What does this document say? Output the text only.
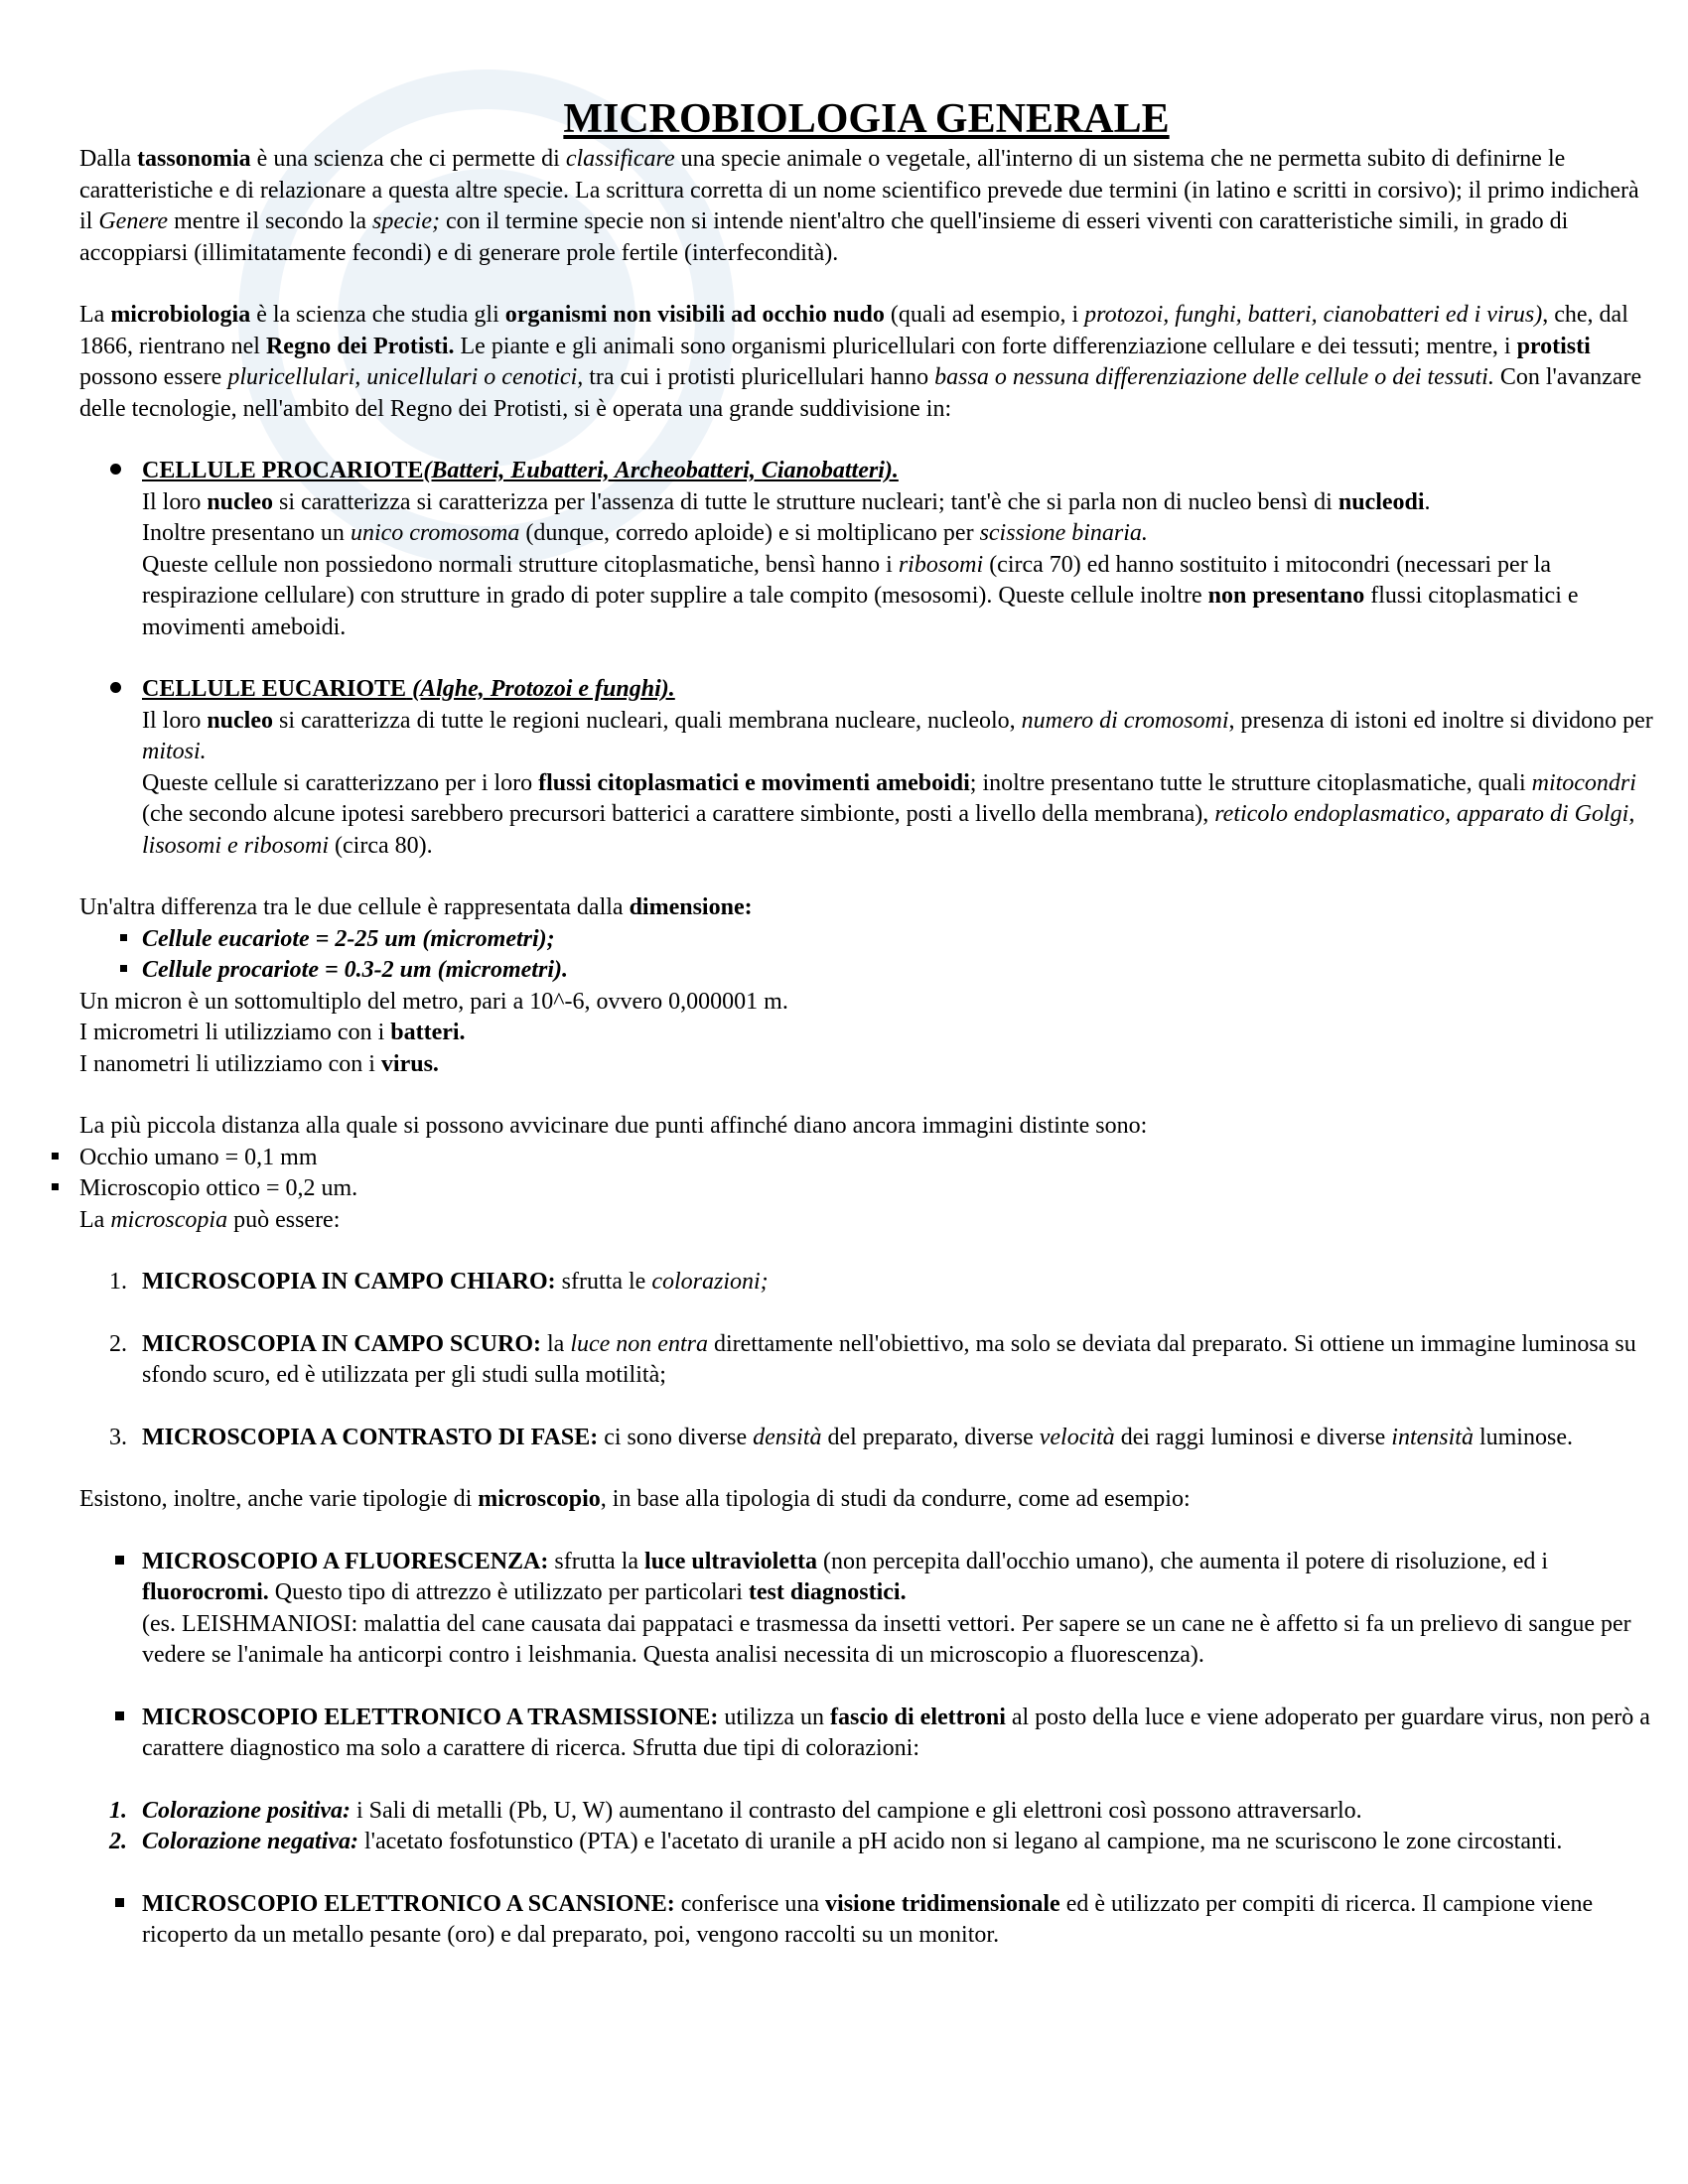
MICROBIOLOGIA GENERALE

Dalla tassonomia è una scienza che ci permette di classificare una specie animale o vegetale, all'interno di un sistema che ne permetta subito di definirne le caratteristiche e di relazionare a questa altre specie. La scrittura corretta di un nome scientifico prevede due termini (in latino e scritti in corsivo); il primo indicherà il Genere mentre il secondo la specie; con il termine specie non si intende nient'altro che quell'insieme di esseri viventi con caratteristiche simili, in grado di accoppiarsi (illimitatamente fecondi) e di generare prole fertile (interfecondità).

La microbiologia è la scienza che studia gli organismi non visibili ad occhio nudo (quali ad esempio, i protozoi, funghi, batteri, cianobatteri ed i virus), che, dal 1866, rientrano nel Regno dei Protisti. Le piante e gli animali sono organismi pluricellulari con forte differenziazione cellulare e dei tessuti; mentre, i protisti possono essere pluricellulari, unicellulari o cenotici, tra cui i protisti pluricellulari hanno bassa o nessuna differenziazione delle cellule o dei tessuti. Con l'avanzare delle tecnologie, nell'ambito del Regno dei Protisti, si è operata una grande suddivisione in:

CELLULE PROCARIOTE(Batteri, Eubatteri, Archeobatteri, Cianobatteri).

Il loro nucleo si caratterizza si caratterizza per l'assenza di tutte le strutture nucleari; tant'è che si parla non di nucleo bensì di nucleodi.

Inoltre presentano un unico cromosoma (dunque, corredo aploide) e si moltiplicano per scissione binaria.

Queste cellule non possiedono normali strutture citoplasmatiche, bensì hanno i ribosomi (circa 70) ed hanno sostituito i mitocondri (necessari per la respirazione cellulare) con strutture in grado di poter supplire a tale compito (mesosomi). Queste cellule inoltre non presentano flussi citoplasmatici e movimenti ameboidi.

CELLULE EUCARIOTE (Alghe, Protozoi e funghi).

Il loro nucleo si caratterizza di tutte le regioni nucleari, quali membrana nucleare, nucleolo, numero di cromosomi, presenza di istoni ed inoltre si dividono per mitosi.

Queste cellule si caratterizzano per i loro flussi citoplasmatici e movimenti ameboidi; inoltre presentano tutte le strutture citoplasmatiche, quali mitocondri (che secondo alcune ipotesi sarebbero precursori batterici a carattere simbionte, posti a livello della membrana), reticolo endoplasmatico, apparato di Golgi, lisosomi e ribosomi (circa 80).

Un'altra differenza tra le due cellule è rappresentata dalla dimensione:

Cellule eucariote = 2-25 um (micrometri);

Cellule procariote = 0.3-2 um (micrometri).

Un micron è un sottomultiplo del metro, pari a 10^-6, ovvero 0,000001 m.

I micrometri li utilizziamo con i batteri.

I nanometri li utilizziamo con i virus.

La più piccola distanza alla quale si possono avvicinare due punti affinché diano ancora immagini distinte sono:

Occhio umano = 0,1 mm

Microscopio ottico = 0,2 um.

La microscopia può essere:

1. MICROSCOPIA IN CAMPO CHIARO: sfrutta le colorazioni;

2. MICROSCOPIA IN CAMPO SCURO: la luce non entra direttamente nell'obiettivo, ma solo se deviata dal preparato. Si ottiene un immagine luminosa su sfondo scuro, ed è utilizzata per gli studi sulla motilità;

3. MICROSCOPIA A CONTRASTO DI FASE: ci sono diverse densità del preparato, diverse velocità dei raggi luminosi e diverse intensità luminose.

Esistono, inoltre, anche varie tipologie di microscopio, in base alla tipologia di studi da condurre, come ad esempio:

MICROSCOPIO A FLUORESCENZA: sfrutta la luce ultravioletta (non percepita dall'occhio umano), che aumenta il potere di risoluzione, ed i fluorocromi. Questo tipo di attrezzo è utilizzato per particolari test diagnostici.

(es. LEISHMANIOSI: malattia del cane causata dai pappataci e trasmessa da insetti vettori. Per sapere se un cane ne è affetto si fa un prelievo di sangue per vedere se l'animale ha anticorpi contro i leishmania. Questa analisi necessita di un microscopio a fluorescenza).

MICROSCOPIO ELETTRONICO A TRASMISSIONE: utilizza un fascio di elettroni al posto della luce e viene adoperato per guardare virus, non però a carattere diagnostico ma solo a carattere di ricerca. Sfrutta due tipi di colorazioni:

1. Colorazione positiva: i Sali di metalli (Pb, U, W) aumentano il contrasto del campione e gli elettroni così possono attraversarlo.

2. Colorazione negativa: l'acetato fosfotunstico (PTA) e l'acetato di uranile a pH acido non si legano al campione, ma ne scuriscono le zone circostanti.

MICROSCOPIO ELETTRONICO A SCANSIONE: conferisce una visione tridimensionale ed è utilizzato per compiti di ricerca. Il campione viene ricoperto da un metallo pesante (oro) e dal preparato, poi, vengono raccolti su un monitor.
